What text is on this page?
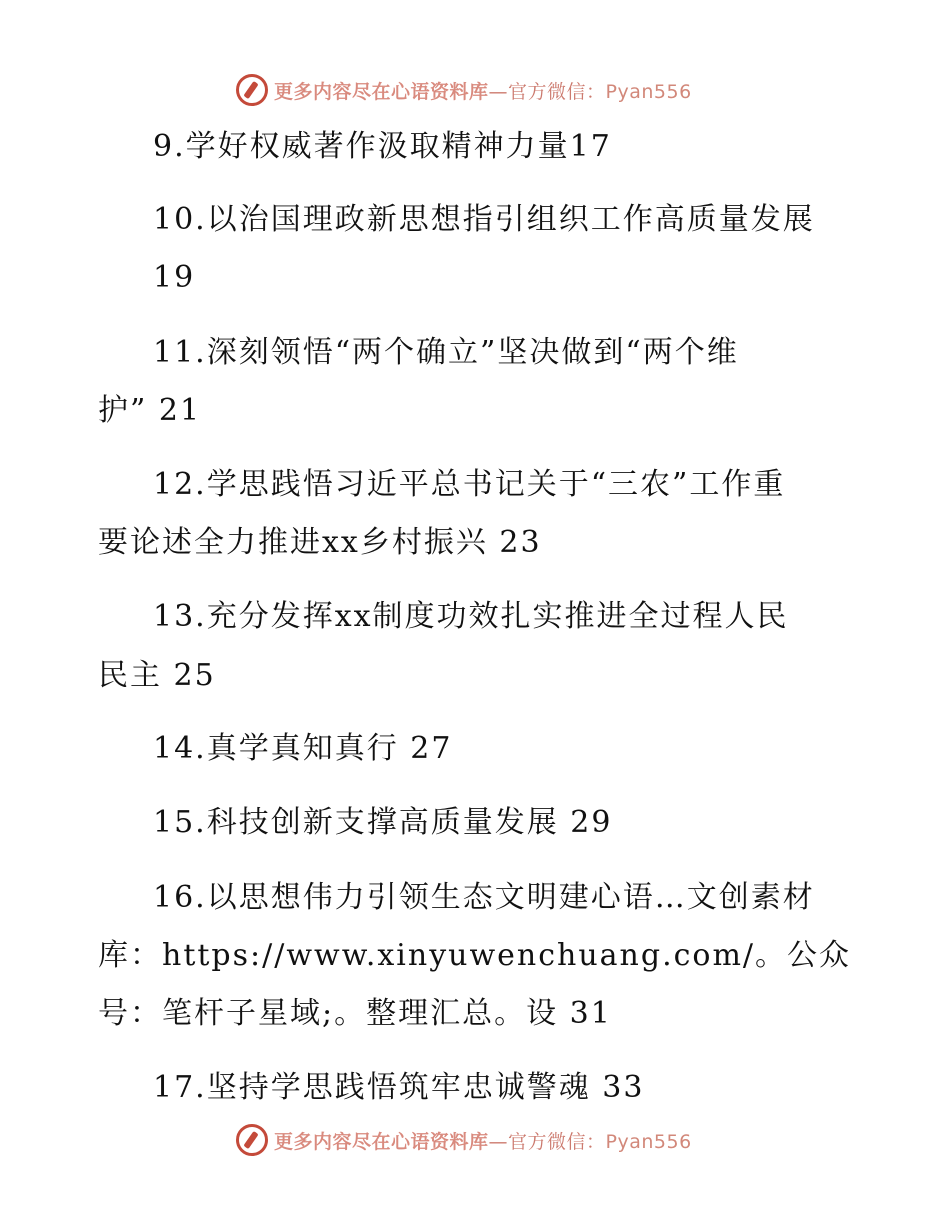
更多内容尽在心语资料库—官方微信：Pyan556
9.学好权威著作汲取精神力量17
10.以治国理政新思想指引组织工作高质量发展
19
11.深刻领悟“两个确立”坚决做到“两个维
护” 21
12.学思践悟习近平总书记关于“三农”工作重
要论述全力推进xx乡村振兴 23
13.充分发挥xx制度功效扎实推进全过程人民
民主 25
14.真学真知真行 27
15.科技创新支撑高质量发展 29
16.以思想伟力引领生态文明建心语…文创素材
库：https://www.xinyuwenchuang.com/。公众
号：笔杆子星域;。整理汇总。设 31
17.坚持学思践悟筑牢忠诚警魂 33
更多内容尽在心语资料库—官方微信：Pyan556
